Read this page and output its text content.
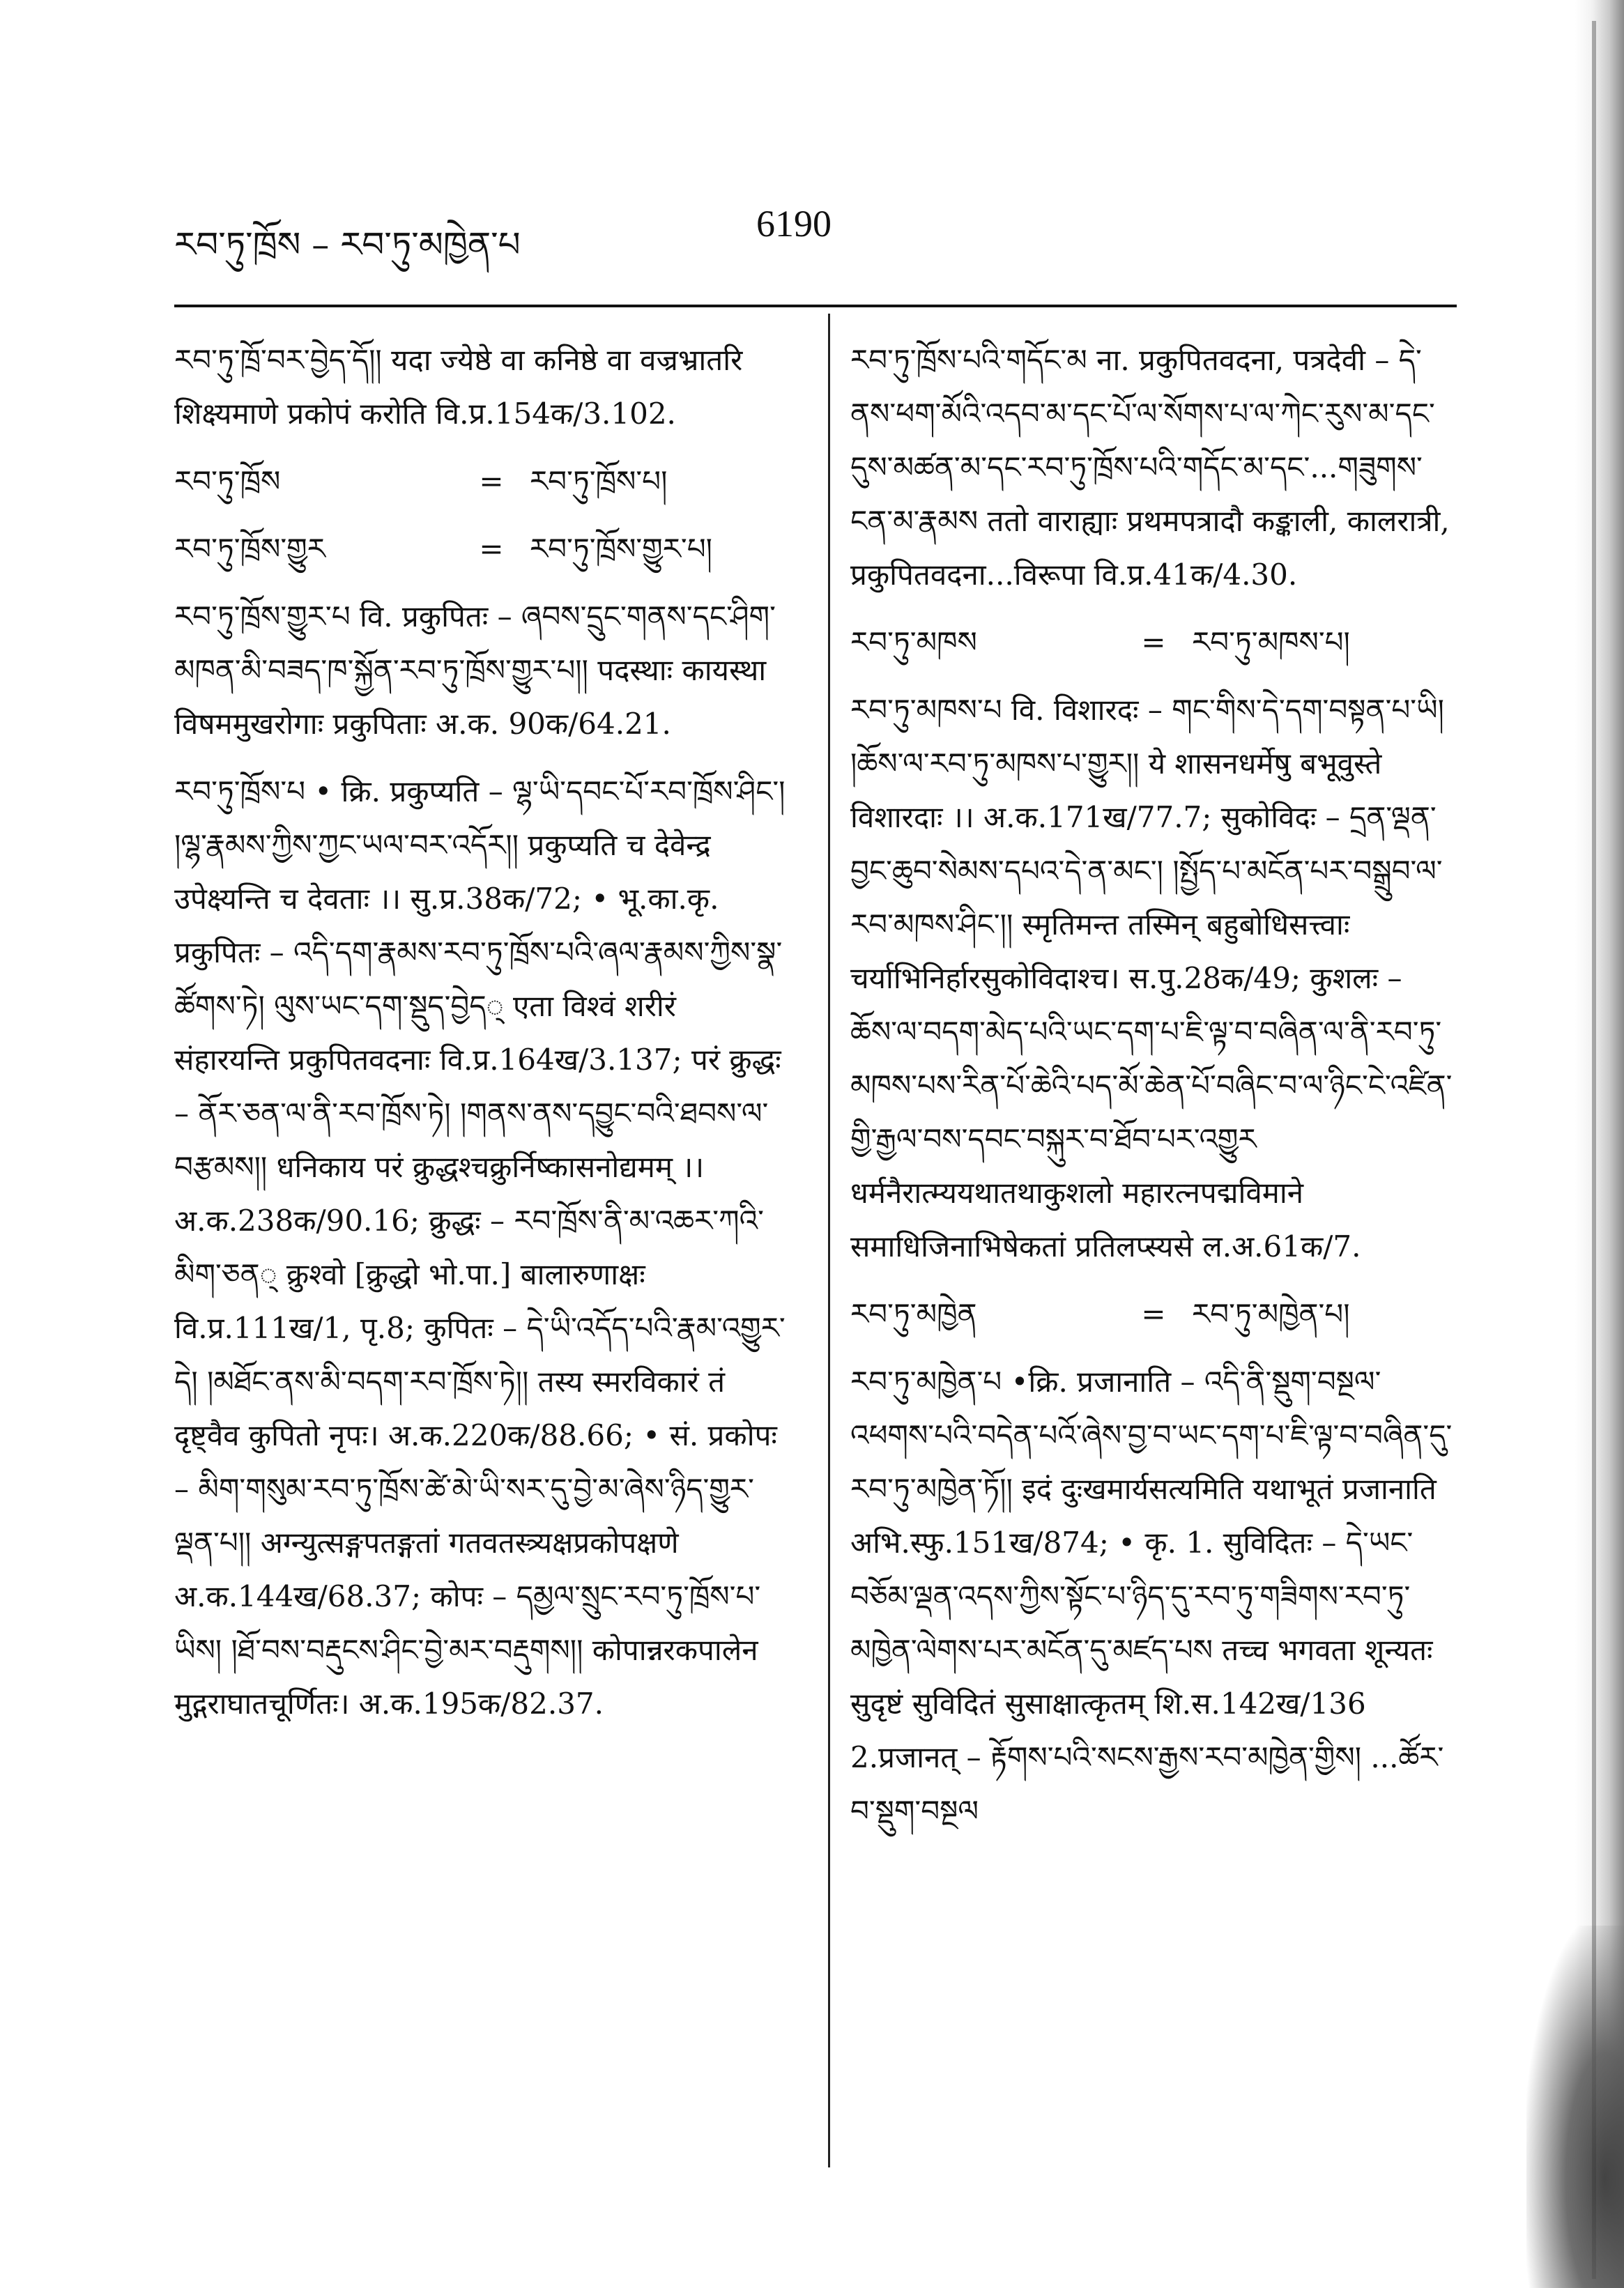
རབ་ཏུ་ཁྲོས – རབ་ཏུ་མཁྱེན་པ	6190
རབ་ཏུ་ཁྲོ་བར་བྱེད་དོ།། यदा ज्येष्ठे वा कनिष्ठे वा वज्रभ्रातरि शिक्ष्यमाणे प्रकोपं करोति वि.प्र.154क/3.102.
རབ་ཏུ་ཁྲོས	= རབ་ཏུ་ཁྲོས་པ།
རབ་ཏུ་ཁྲོས་གྱུར	= རབ་ཏུ་ཁྲོས་གྱུར་པ།
རབ་ཏུ་ཁྲོས་གྱུར་པ वि. प्रकुपितः – ཞབས་དྲུང་གནས་དང་ཤིག་མཁན་མི་བཟད་ཁ་སྐྱོན་རབ་ཏུ་ཁྲོས་གྱུར་པ།། पदस्थाः कायस्था विषममुखरोगाः प्रकुपिताः अ.क. 90क/64.21.
རབ་ཏུ་ཁྲོས་པ • क्रि. प्रकुप्यति – ལྷ་ཡི་དབང་པོ་རབ་ཁྲོས་ཤིང་། །ལྷ་རྣམས་ཀྱིས་ཀྱང་ཡལ་བར་འདོར།། प्रकुप्यति च देवेन्द्र उपेक्ष्यन्ति च देवताः ।। सु.प्र.38क/72; • भू.का.कृ. प्रकुपितः – འདི་དག་རྣམས་རབ་ཏུ་ཁྲོས་པའི་ཞལ་རྣམས་ཀྱིས་སྣ་ཚོགས་ཏེ། ལུས་ཡང་དག་སྡུད་བྱེད् एता विश्वं शरीरं संहारयन्ति प्रकुपितवदनाः वि.प्र.164ख/3.137; परं क्रुद्धः – ནོར་ཅན་ལ་ནི་རབ་ཁྲོས་ཏེ། །གནས་ནས་དབྱུང་བའི་ཐབས་ལ་བརྩམས།། धनिकाय परं क्रुद्धश्चक्रुर्निष्कासनोद्यमम् ।। अ.क.238क/90.16; क्रुद्धः – རབ་ཁྲོས་ནི་མ་འཆར་ཀའི་མིག་ཅན् क्रुश्वो [क्रुद्धो भो.पा.] बालारुणाक्षः वि.प्र.111ख/1, पृ.8; कुपितः – དེ་ཡི་འདོད་པའི་རྣམ་འགྱུར་དེ། །མཐོང་ནས་མི་བདག་རབ་ཁྲོས་ཏེ།། तस्य स्मरविकारं तं दृष्ट्वैव कुपितो नृपः। अ.क.220क/88.66; • सं. प्रकोपः – མིག་གསུམ་རབ་ཏུ་ཁྲོས་ཚེ་མེ་ཡི་སར་དུ་བྱེ་མ་ཞེས་ཉིད་གྱུར་ལྡན་པ།། अग्न्युत्सङ्गपतङ्गतां गतवतस्त्र्यक्षप्रकोपक्षणे अ.क.144ख/68.37; कोपः – དམྱལ་སྲུང་རབ་ཏུ་ཁྲོས་པ་ཡིས། །ཐོ་བས་བརྡུངས་ཤིང་བྱེ་མར་བརྡུགས།། कोपान्नरकपालेन मुद्गराघातचूर्णितः। अ.क.195क/82.37.
རབ་ཏུ་ཁྲོས་པའི་གདོང་མ ना. प्रकुपितवदना, पत्रदेवी – དེ་ནས་ཕག་མོའི་འདབ་མ་དང་པོ་ལ་སོགས་པ་ལ་ཀེང་རུས་མ་དང་དུས་མཚན་མ་དང་རབ་ཏུ་ཁྲོས་པའི་གདོང་མ་དང་...གཟུགས་ངན་མ་རྣམས ततो वाराह्याः प्रथमपत्रादौ कङ्काली, कालरात्री, प्रकुपितवदना...विरूपा वि.प्र.41क/4.30.
རབ་ཏུ་མཁས	= རབ་ཏུ་མཁས་པ།
རབ་ཏུ་མཁས་པ वि. विशारदः – གང་གིས་དེ་དག་བསྟན་པ་ཡི། །ཆོས་ལ་རབ་ཏུ་མཁས་པ་གྱུར།། ये शासनधर्मेषु बभूवुस्ते विशारदाः ।। अ.क.171ख/77.7; सुकोविदः – དྲན་ལྡན་བྱང་ཆུབ་སེམས་དཔའ་དེ་ན་མང་། །སྤྱོད་པ་མངོན་པར་བསྒྲུབ་ལ་རབ་མཁས་ཤིང་།། स्मृतिमन्त तस्मिन् बहुबोधिसत्त्वाः चर्याभिनिर्हारसुकोविदाश्च। स.पु.28क/49; कुशलः – ཆོས་ལ་བདག་མེད་པའི་ཡང་དག་པ་ཇི་ལྟ་བ་བཞིན་ལ་ནི་རབ་ཏུ་མཁས་པས་རིན་པོ་ཆེའི་པད་མོ་ཆེན་པོ་བཞིང་བ་ལ་ཉིང་ངེ་འཛིན་གྱི་རྒྱལ་བས་དབང་བསྐུར་བ་ཐོབ་པར་འགྱུར धर्मनैरात्म्ययथातथाकुशलो महारत्नपद्मविमाने समाधिजिनाभिषेकतां प्रतिलप्स्यसे ल.अ.61क/7.
རབ་ཏུ་མཁྱེན	= རབ་ཏུ་མཁྱེན་པ།
རབ་ཏུ་མཁྱེན་པ •क्रि. प्रजानाति – འདི་ནི་སྡུག་བསྔལ་འཕགས་པའི་བདེན་པའོ་ཞེས་བྱ་བ་ཡང་དག་པ་ཇི་ལྟ་བ་བཞིན་དུ་རབ་ཏུ་མཁྱེན་ཏོ།། इदं दुःखमार्यसत्यमिति यथाभूतं प्रजानाति अभि.स्फु.151ख/874; • कृ. 1. सुविदितः – དེ་ཡང་བཅོམ་ལྡན་འདས་ཀྱིས་སྟོང་པ་ཉིད་དུ་རབ་ཏུ་གཟིགས་རབ་ཏུ་མཁྱེན་ལེགས་པར་མངོན་དུ་མཛད་པས तच्च भगवता शून्यतः सुदृष्टं सुविदितं सुसाक्षात्कृतम् शि.स.142ख/136 2.प्रजानत् – རྟོགས་པའི་སངས་རྒྱས་རབ་མཁྱེན་གྱིས། ...ཚོར་བ་སྡུག་བསྔལ
